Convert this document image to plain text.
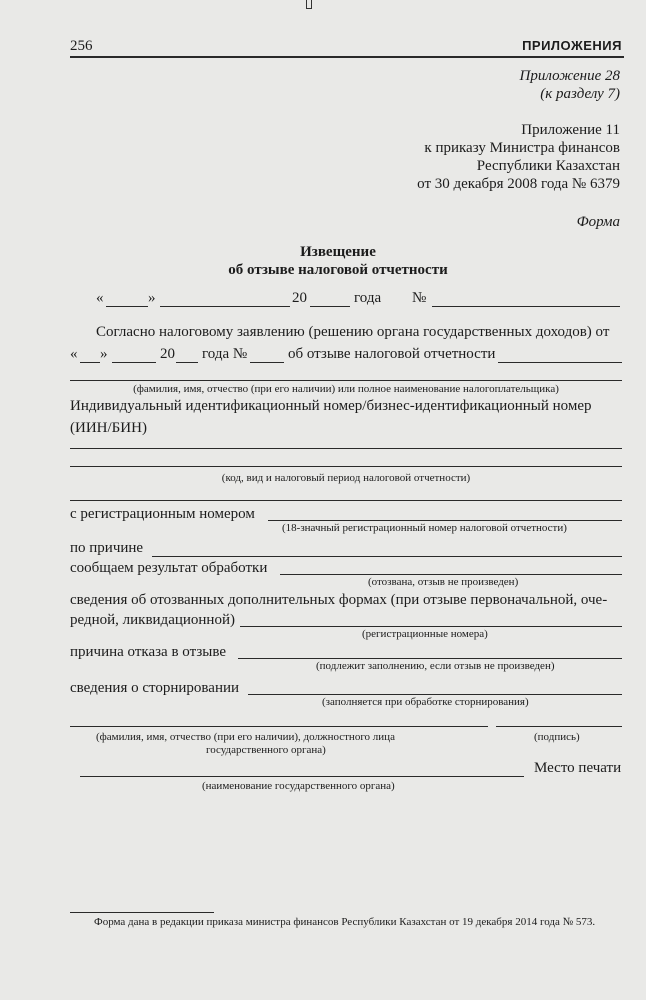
256	ПРИЛОЖЕНИЯ
Приложение 28
(к разделу 7)
Приложение 11
к приказу Министра финансов
Республики Казахстан
от 30 декабря 2008 года № 6379
Форма
Извещение
об отзыве налоговой отчетности
«	»	20	года №
Согласно налоговому заявлению (решению органа государственных доходов) от
« »	20 года №	об отзыве налоговой отчетности
(фамилия, имя, отчество (при его наличии) или полное наименование налогоплательщика)
Индивидуальный идентификационный номер/бизнес-идентификационный номер
(ИИН/БИН)
(код, вид и налоговый период налоговой отчетности)
с регистрационным номером
(18-значный регистрационный номер налоговой отчетности)
по причине
сообщаем результат обработки
(отозвана, отзыв не произведен)
сведения об отозванных дополнительных формах (при отзыве первоначальной, оче-
редной, ликвидационной)
(регистрационные номера)
причина отказа в отзыве
(подлежит заполнению, если отзыв не произведен)
сведения о сторнировании
(заполняется при обработке сторнирования)
(фамилия, имя, отчество (при его наличии), должностного лица
государственного органа)
(подпись)
Место печати
(наименование государственного органа)
Форма дана в редакции приказа министра финансов Республики Казахстан от 19 декабря 2014 года № 573.
